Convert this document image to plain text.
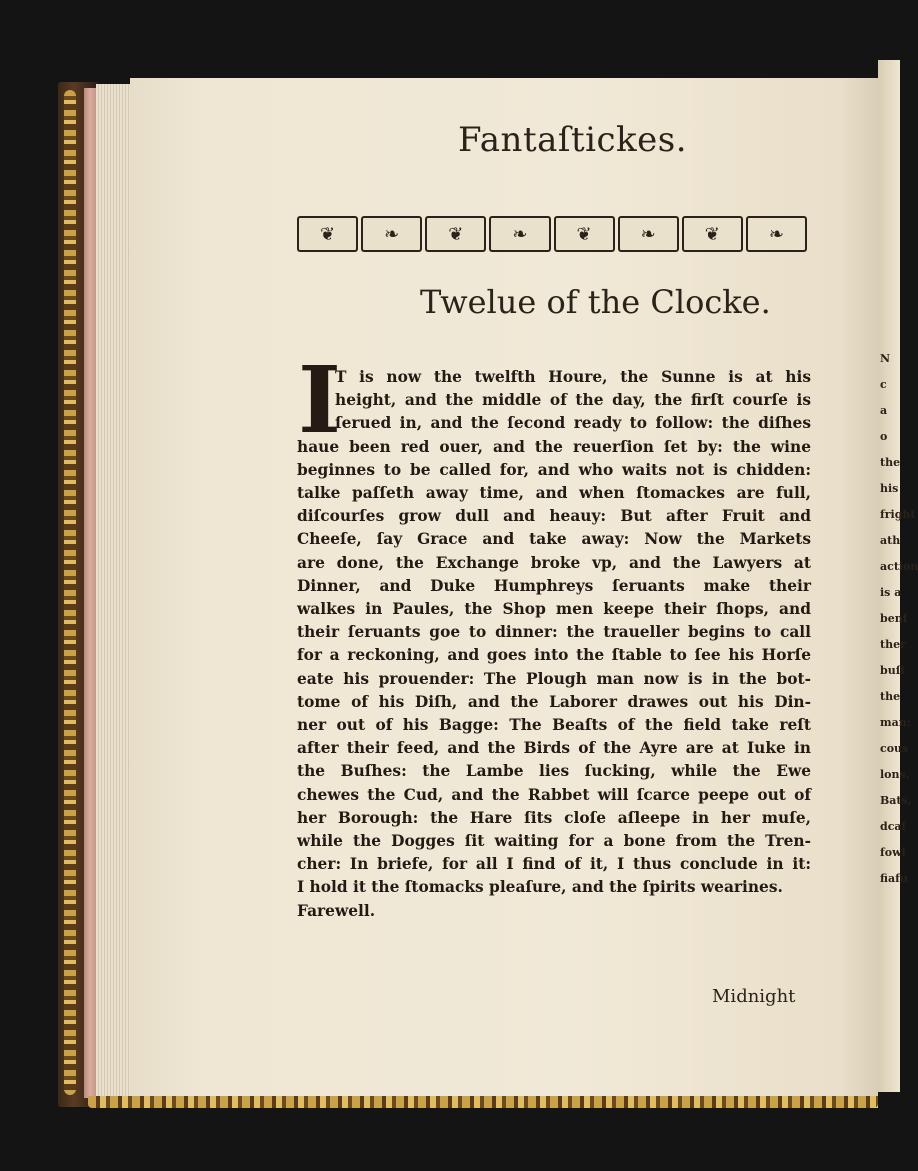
N
c
a
o
the
his
fright
ath
action
is a
benſ
ther
buſi
the
man:
cous
lons,
Bats,
dcaſ
fowl
fiafu
Fantaſtickes.
❦	❧	❦	❧	❦	❧	❦	❧
Twelue of the Clocke.
I
T is now the twelfth Houre, the Sunne is at his
height, and the middle of the day, the firſt courſe is
ſerued in, and the ſecond ready to follow: the diſhes
haue been red ouer, and the reuerſion ſet by: the wine
beginnes to be called for, and who waits not is chidden:
talke paſſeth away time, and when ſtomackes are full,
diſcourſes grow dull and heauy: But after Fruit and
Cheeſe, ſay Grace and take away: Now the Markets
are done, the Exchange broke vp, and the Lawyers at
Dinner, and Duke Humphreys ſeruants make their
walkes in Paules, the Shop men keepe their ſhops, and
their ſeruants goe to dinner: the traueller begins to call
for a reckoning, and goes into the ſtable to ſee his Horſe
eate his prouender: The Plough man now is in the bot-
tome of his Diſh, and the Laborer drawes out his Din-
ner out of his Bagge: The Beaſts of the field take reſt
after their feed, and the Birds of the Ayre are at Iuke in
the Buſhes: the Lambe lies ſucking, while the Ewe
chewes the Cud, and the Rabbet will ſcarce peepe out of
her Borough: the Hare ſits cloſe aſleepe in her muſe,
while the Dogges ſit waiting for a bone from the Tren-
cher: In briefe, for all I find of it, I thus conclude in it:
I hold it the ſtomacks pleaſure, and the ſpirits wearines.
Farewell.
Midnight
